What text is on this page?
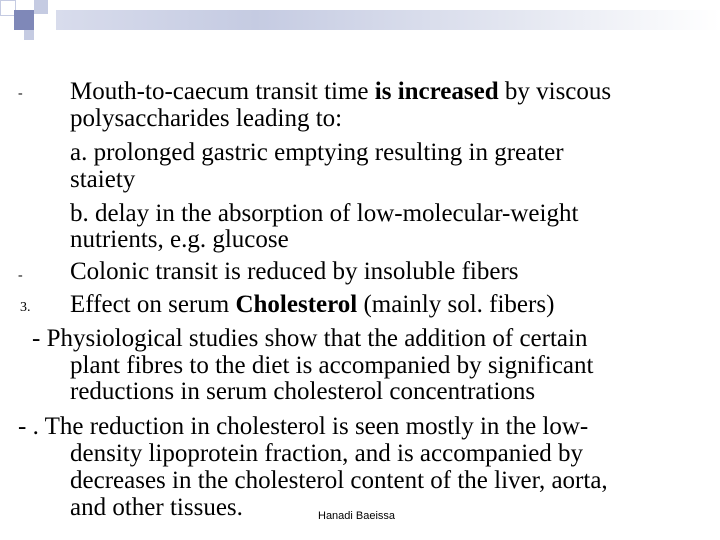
- Mouth-to-caecum transit time is increased by viscous
polysaccharides leading to:
a. prolonged gastric emptying resulting in greater
staiety
b. delay in the absorption of low-molecular-weight
nutrients, e.g. glucose
- Colonic transit is reduced by insoluble fibers
3. Effect on serum Cholesterol (mainly sol. fibers)
- Physiological studies show that the addition of certain
plant fibres to the diet is accompanied by significant
reductions in serum cholesterol concentrations
- . The reduction in cholesterol is seen mostly in the low-
density lipoprotein fraction, and is accompanied by
decreases in the cholesterol content of the liver, aorta,
and other tissues.	Hanadi Baeissa
